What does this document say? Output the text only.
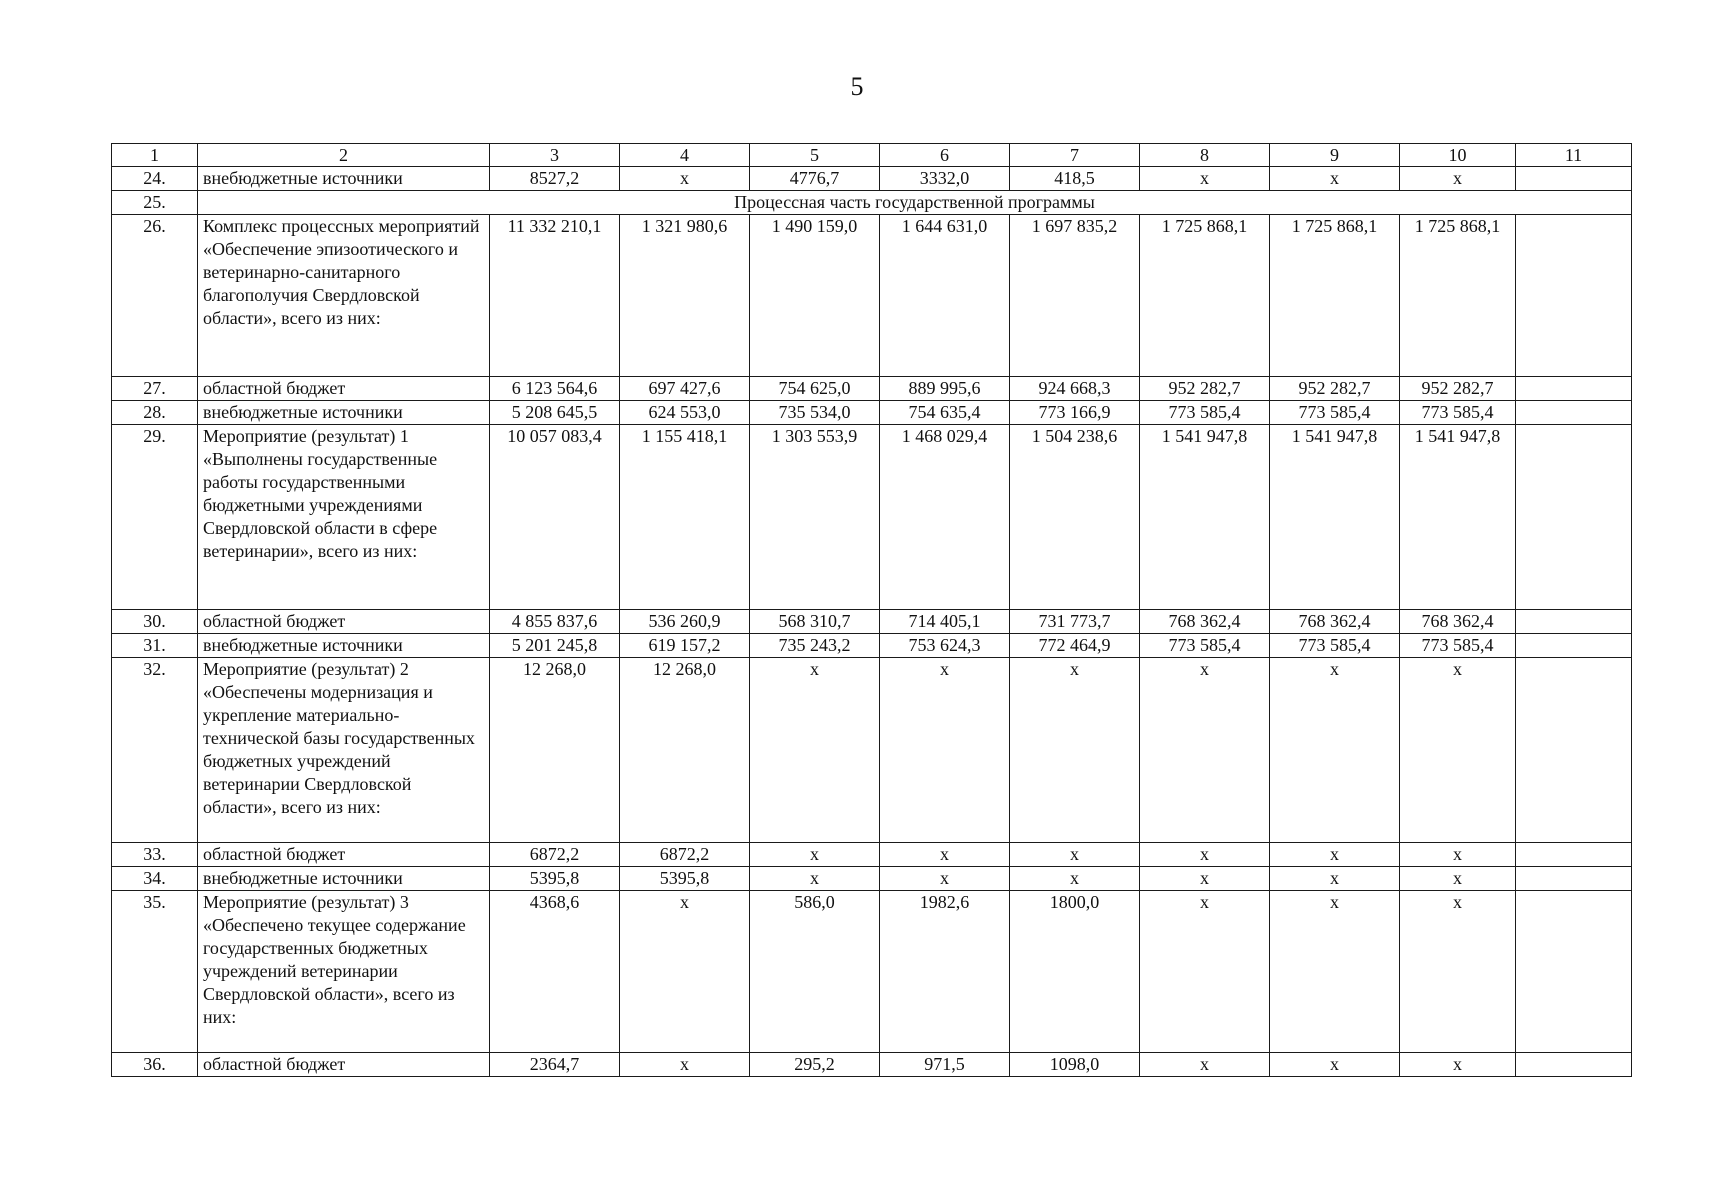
5
1	2	3	4	5	6	7	8	9	10	11
24.	внебюджетные источники	8527,2	х	4776,7	3332,0	418,5	х	х	х	
25.	Процессная часть государственной программы									
26.	Комплекс процессных мероприятий «Обеспечение эпизоотического и ветеринарно-санитарного благополучия Свердловской области», всего из них:	11 332 210,1	1 321 980,6	1 490 159,0	1 644 631,0	1 697 835,2	1 725 868,1	1 725 868,1	1 725 868,1	
27.	областной бюджет	6 123 564,6	697 427,6	754 625,0	889 995,6	924 668,3	952 282,7	952 282,7	952 282,7	
28.	внебюджетные источники	5 208 645,5	624 553,0	735 534,0	754 635,4	773 166,9	773 585,4	773 585,4	773 585,4	
29.	Мероприятие (результат) 1 «Выполнены государственные работы государственными бюджетными учреждениями Свердловской области в сфере ветеринарии», всего из них:	10 057 083,4	1 155 418,1	1 303 553,9	1 468 029,4	1 504 238,6	1 541 947,8	1 541 947,8	1 541 947,8	
30.	областной бюджет	4 855 837,6	536 260,9	568 310,7	714 405,1	731 773,7	768 362,4	768 362,4	768 362,4	
31.	внебюджетные источники	5 201 245,8	619 157,2	735 243,2	753 624,3	772 464,9	773 585,4	773 585,4	773 585,4	
32.	Мероприятие (результат) 2 «Обеспечены модернизация и укрепление материально- технической базы государственных бюджетных учреждений ветеринарии Свердловской области», всего из них:	12 268,0	12 268,0	х	х	х	х	х	х	
33.	областной бюджет	6872,2	6872,2	х	х	х	х	х	х	
34.	внебюджетные источники	5395,8	5395,8	х	х	х	х	х	х	
35.	Мероприятие (результат) 3 «Обеспечено текущее содержание государственных бюджетных учреждений ветеринарии Свердловской области», всего из них:	4368,6	х	586,0	1982,6	1800,0	х	х	х	
36.	областной бюджет	2364,7	х	295,2	971,5	1098,0	х	х	х	
